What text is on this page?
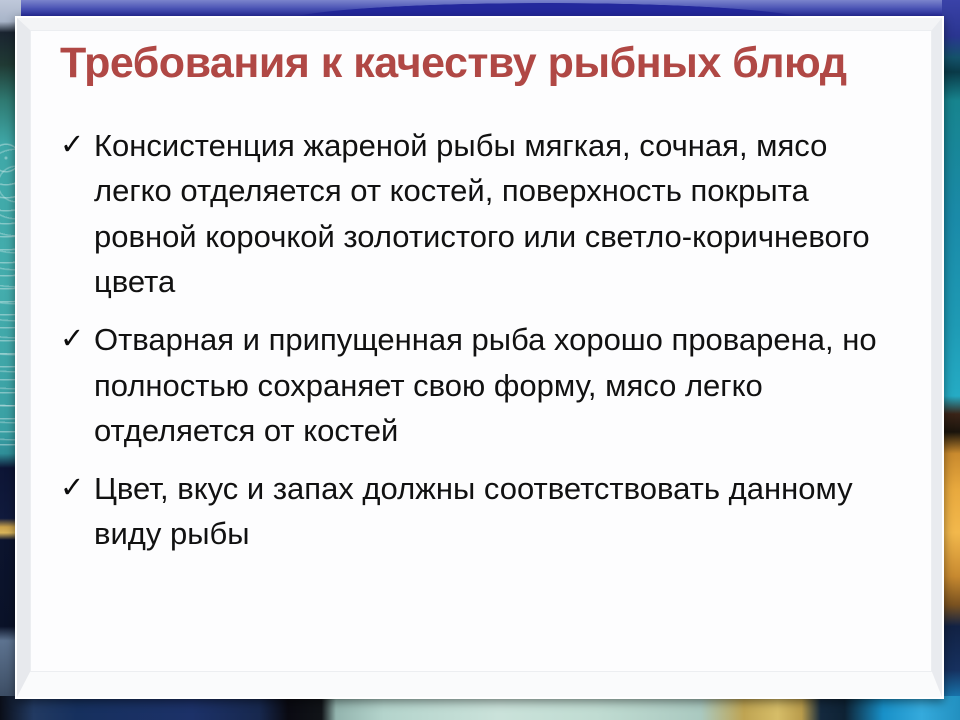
Требования к качеству рыбных блюд
✓ Консистенция жареной рыбы мягкая, сочная, мясо легко отделяется от костей, поверхность покрыта ровной корочкой золотистого или светло-коричневого цвета
✓ Отварная и припущенная рыба хорошо проварена, но полностью сохраняет свою форму, мясо легко отделяется от костей
✓ Цвет, вкус и запах должны соответствовать данному виду рыбы
